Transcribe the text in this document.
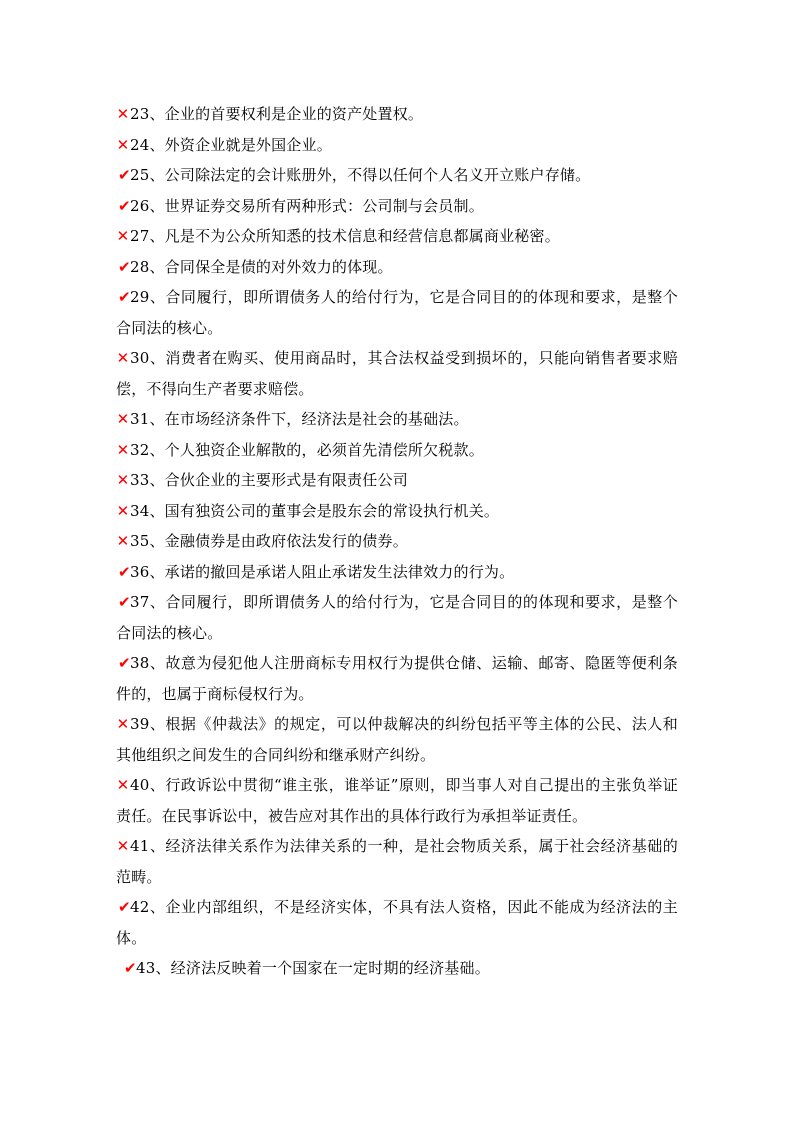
✕23、企业的首要权利是企业的资产处置权。

✕24、外资企业就是外国企业。

✔25、公司除法定的会计账册外，不得以任何个人名义开立账户存储。

✔26、世界证券交易所有两种形式：公司制与会员制。

✕27、凡是不为公众所知悉的技术信息和经营信息都属商业秘密。

✔28、合同保全是债的对外效力的体现。

✔29、合同履行，即所谓债务人的给付行为，它是合同目的的体现和要求，是整个合同法的核心。

✕30、消费者在购买、使用商品时，其合法权益受到损坏的，只能向销售者要求赔偿，不得向生产者要求赔偿。

✕31、在市场经济条件下，经济法是社会的基础法。

✕32、个人独资企业解散的，必须首先清偿所欠税款。

✕33、合伙企业的主要形式是有限责任公司

✕34、国有独资公司的董事会是股东会的常设执行机关。

✕35、金融债券是由政府依法发行的债券。

✔36、承诺的撤回是承诺人阻止承诺发生法律效力的行为。

✔37、合同履行，即所谓债务人的给付行为，它是合同目的的体现和要求，是整个合同法的核心。

✔38、故意为侵犯他人注册商标专用权行为提供仓储、运输、邮寄、隐匿等便利条件的，也属于商标侵权行为。

✕39、根据《仲裁法》的规定，可以仲裁解决的纠纷包括平等主体的公民、法人和其他组织之间发生的合同纠纷和继承财产纠纷。

✕40、行政诉讼中贯彻“谁主张，谁举证”原则，即当事人对自己提出的主张负举证责任。在民事诉讼中，被告应对其作出的具体行政行为承担举证责任。

✕41、经济法律关系作为法律关系的一种，是社会物质关系，属于社会经济基础的范畴。

✔42、企业内部组织，不是经济实体，不具有法人资格，因此不能成为经济法的主体。

✔43、经济法反映着一个国家在一定时期的经济基础。
